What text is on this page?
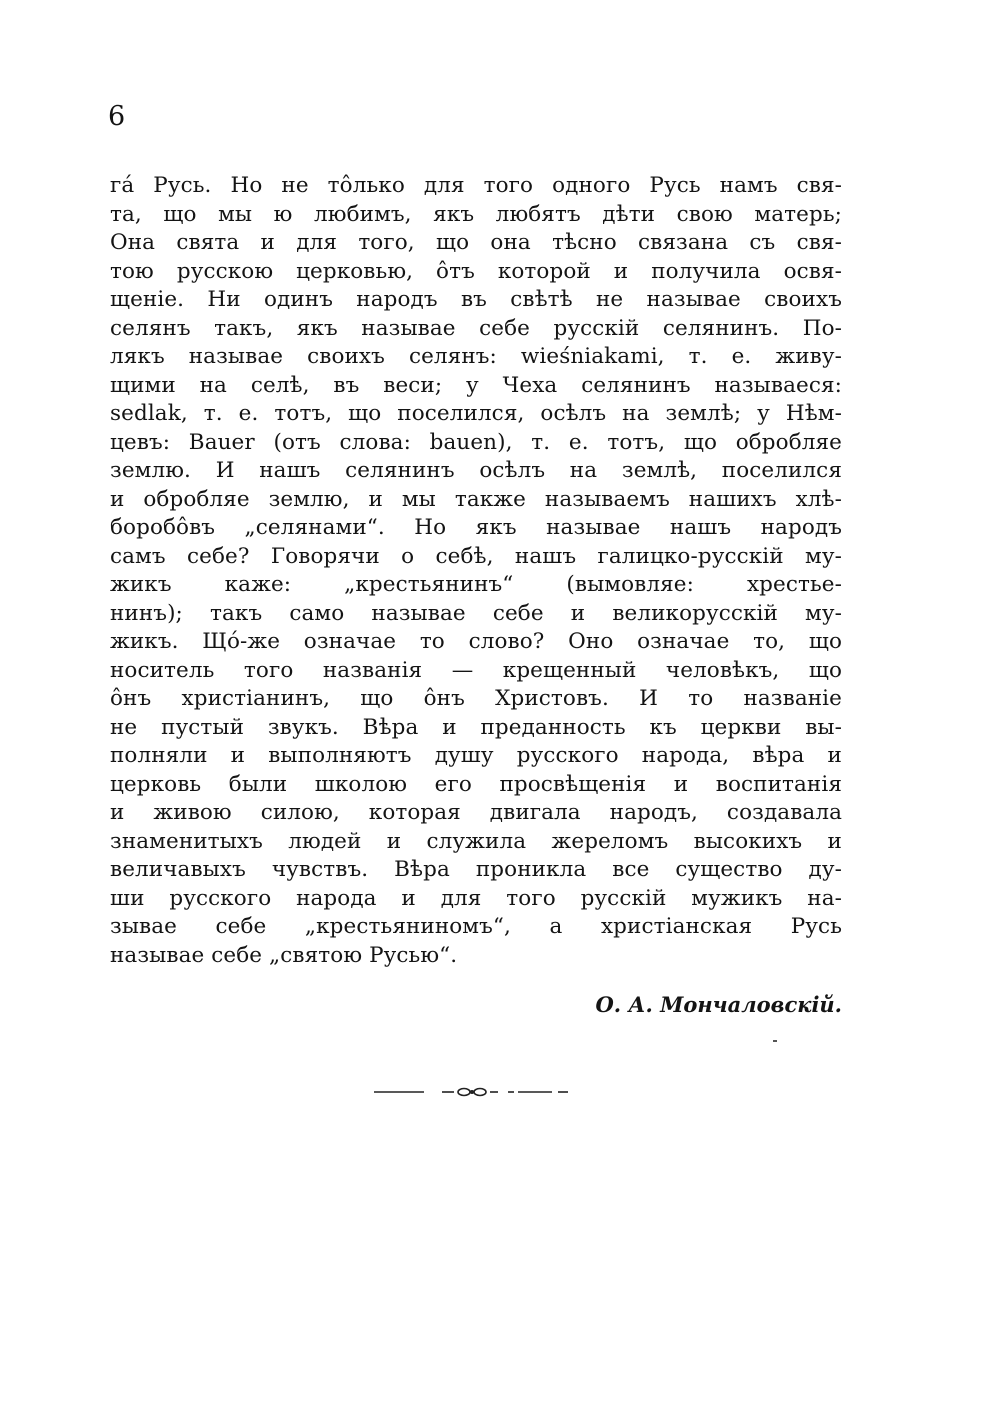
6

га́ Русь. Но не то̂лько для того одного Русь намъ свя-
та, що мы ю любимъ, якъ любятъ дѣти свою матерь;
Она свята и для того, що она тѣсно связана съ свя-
тою русскою церковью, о̂тъ которой и получила освя-
щеніе. Ни одинъ народъ въ свѣтѣ не называе своихъ
селянъ такъ, якъ называе себе русскій селянинъ. По-
лякъ называе своихъ селянъ: wieśniakami, т. е. живу-
щими на селѣ, въ веси; у Чеха селянинъ называеся:
sedlak, т. е. тотъ, що поселился, осѣлъ на землѣ; у Нѣм-
цевъ: Bauer (отъ слова: bauen), т. е. тотъ, що обробляе
землю. И нашъ селянинъ осѣлъ на землѣ, поселился
и обробляе землю, и мы также называемъ нашихъ хлѣ-
боробо̂въ „селянами“. Но якъ называе нашъ народъ
самъ себе? Говорячи о себѣ, нашъ галицко-русскій му-
жикъ каже: „крестьянинъ“ (вымовляе: хрестье-
нинъ); такъ само называе себе и великорусскій му-
жикъ. Що́-же означае то слово? Оно означае то, що
носитель того названія — крещенный человѣкъ, що
о̂нъ христіанинъ, що о̂нъ Христовъ. И то названіе
не пустый звукъ. Вѣра и преданность къ церкви вы-
полняли и выполняютъ душу русского народа, вѣра и
церковь были школою его просвѣщенія и воспитанія
и живою силою, которая двигала народъ, создавала
знаменитыхъ людей и служила жереломъ высокихъ и
величавыхъ чувствъ. Вѣра проникла все существо ду-
ши русского народа и для того русскій мужикъ на-
зывае себе „крестьяниномъ“, а христіанская Русь
называе себе „святою Русью“.

О. А. Мончаловскій.
